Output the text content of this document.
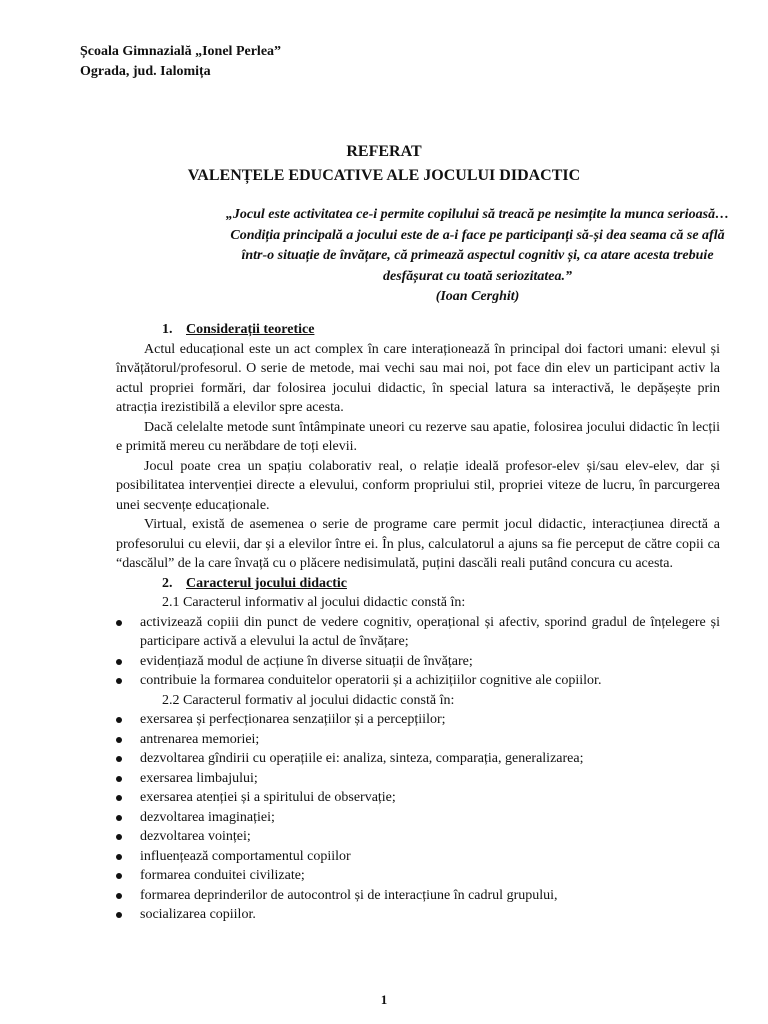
Școala Gimnazială „Ionel Perlea”
Ograda, jud. Ialomița
REFERAT
VALENȚELE EDUCATIVE ALE JOCULUI DIDACTIC
„Jocul este activitatea ce-i permite copilului să treacă pe nesimțite la munca serioasă… Condiția principală a jocului este de a-i face pe participanți să-și dea seama că se află într-o situație de învățare, că primează aspectul cognitiv și, ca atare acesta trebuie desfășurat cu toată seriozitatea.”
(Ioan Cerghit)

1. Considerații teoretice

Actul educațional este un act complex în care interaționează în principal doi factori umani: elevul și învățătorul/profesorul. O serie de metode, mai vechi sau mai noi, pot face din elev un participant activ la actul propriei formări, dar folosirea jocului didactic, în special latura sa interactivă, le depășește prin atracția irezistibilă a elevilor spre acesta.

Dacă celelalte metode sunt întâmpinate uneori cu rezerve sau apatie, folosirea jocului didactic în lecții e primită mereu cu nerăbdare de toți elevii.

Jocul poate crea un spațiu colaborativ real, o relație ideală profesor-elev și/sau elev-elev, dar și posibilitatea intervenției directe a elevului, conform propriului stil, propriei viteze de lucru, în parcurgerea unei secvențe educaționale.

Virtual, există de asemenea o serie de programe care permit jocul didactic, interacțiunea directă a profesorului cu elevii, dar și a elevilor între ei. În plus, calculatorul a ajuns sa fie perceput de către copii ca “dascălul” de la care învață cu o plăcere nedisimulată, puțini dascăli reali putând concura cu acesta.

2. Caracterul jocului didactic

2.1 Caracterul informativ al jocului didactic constă în:

activizează copiii din punct de vedere cognitiv, operațional și afectiv, sporind gradul de înțelegere și participare activă a elevului la actul de învățare;
evidențiază modul de acțiune în diverse situații de învățare;
contribuie la formarea conduitelor operatorii și a achizițiilor cognitive ale copiilor.

2.2 Caracterul formativ al jocului didactic constă în:

exersarea și perfecționarea senzațiilor și a percepțiilor;
antrenarea memoriei;
dezvoltarea gîndirii cu operațiile ei: analiza, sinteza, comparația, generalizarea;
exersarea limbajului;
exersarea atenției și a spiritului de observație;
dezvoltarea imaginației;
dezvoltarea voinței;
influențează comportamentul copiilor
formarea conduitei civilizate;
formarea deprinderilor de autocontrol și de interacțiune în cadrul grupului,
socializarea copiilor.
1
